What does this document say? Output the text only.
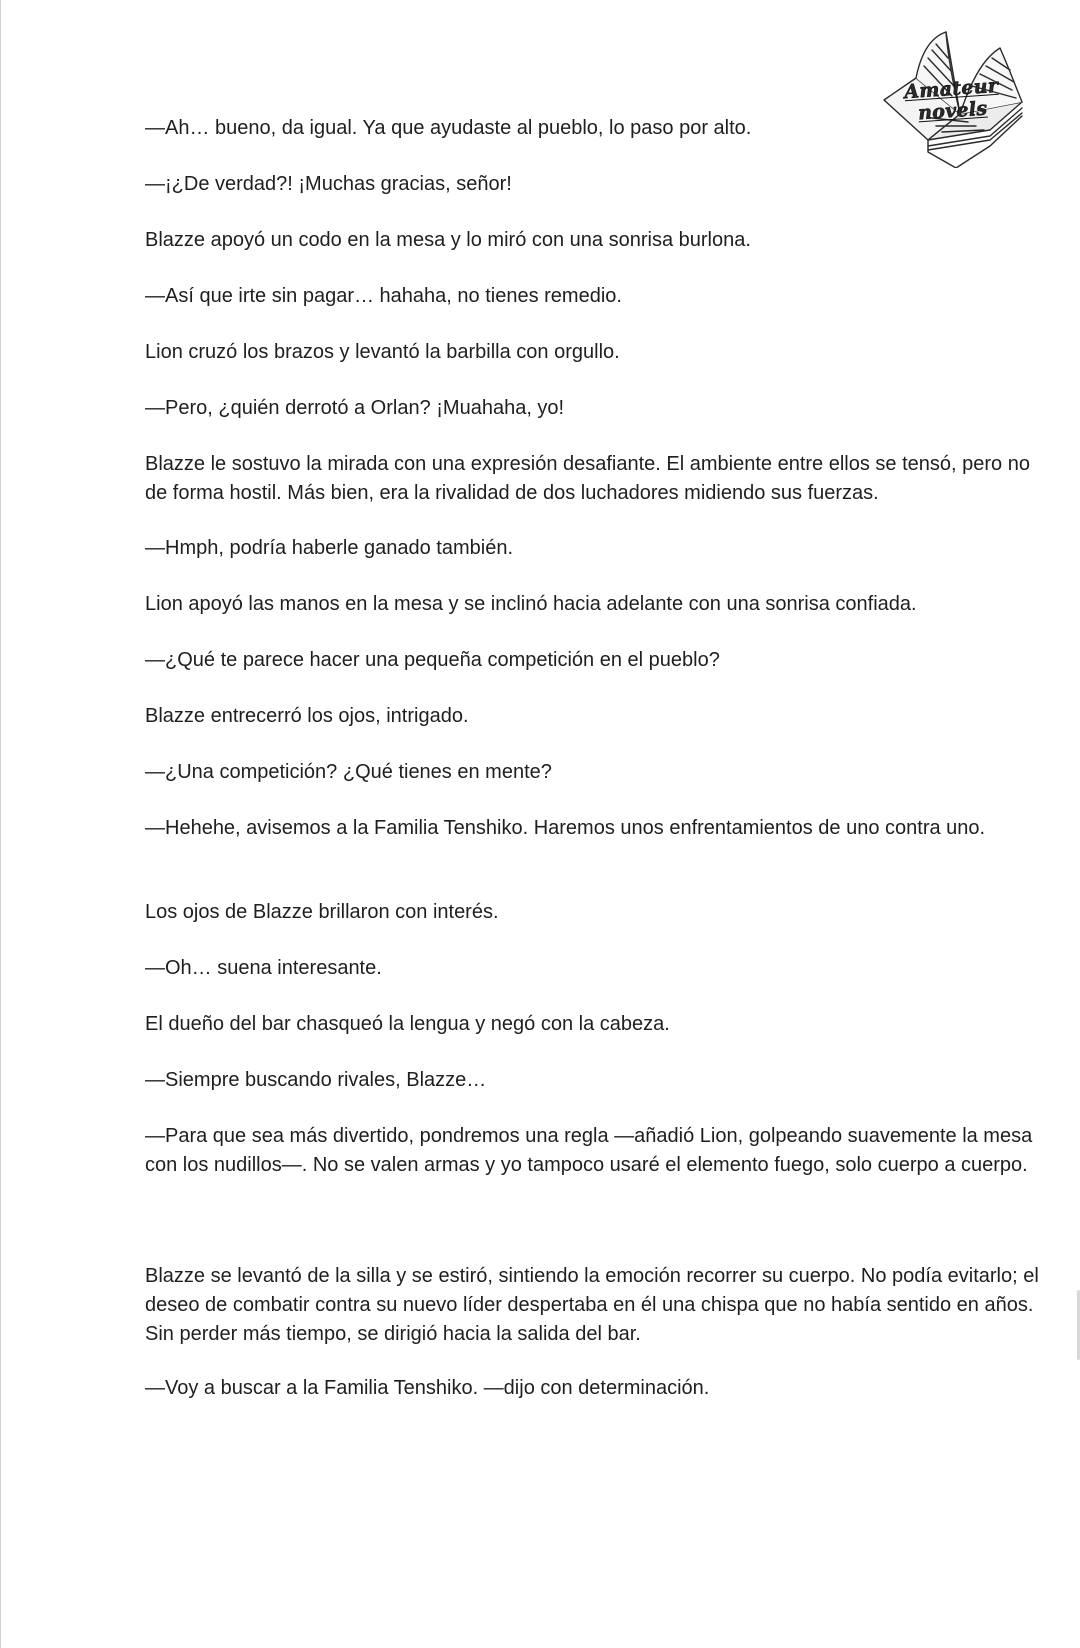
Amateur novels

—Ah… bueno, da igual. Ya que ayudaste al pueblo, lo paso por alto.

—¡¿De verdad?! ¡Muchas gracias, señor!

Blazze apoyó un codo en la mesa y lo miró con una sonrisa burlona.

—Así que irte sin pagar… hahaha, no tienes remedio.

Lion cruzó los brazos y levantó la barbilla con orgullo.

—Pero, ¿quién derrotó a Orlan? ¡Muahaha, yo!

Blazze le sostuvo la mirada con una expresión desafiante. El ambiente entre ellos se tensó, pero no de forma hostil. Más bien, era la rivalidad de dos luchadores midiendo sus fuerzas.

—Hmph, podría haberle ganado también.

Lion apoyó las manos en la mesa y se inclinó hacia adelante con una sonrisa confiada.

—¿Qué te parece hacer una pequeña competición en el pueblo?

Blazze entrecerró los ojos, intrigado.

—¿Una competición? ¿Qué tienes en mente?

—Hehehe, avisemos a la Familia Tenshiko. Haremos unos enfrentamientos de uno contra uno.

Los ojos de Blazze brillaron con interés.

—Oh… suena interesante.

El dueño del bar chasqueó la lengua y negó con la cabeza.

—Siempre buscando rivales, Blazze…

—Para que sea más divertido, pondremos una regla —añadió Lion, golpeando suavemente la mesa con los nudillos—. No se valen armas y yo tampoco usaré el elemento fuego, solo cuerpo a cuerpo.

Blazze se levantó de la silla y se estiró, sintiendo la emoción recorrer su cuerpo. No podía evitarlo; el deseo de combatir contra su nuevo líder despertaba en él una chispa que no había sentido en años. Sin perder más tiempo, se dirigió hacia la salida del bar.

—Voy a buscar a la Familia Tenshiko. —dijo con determinación.
